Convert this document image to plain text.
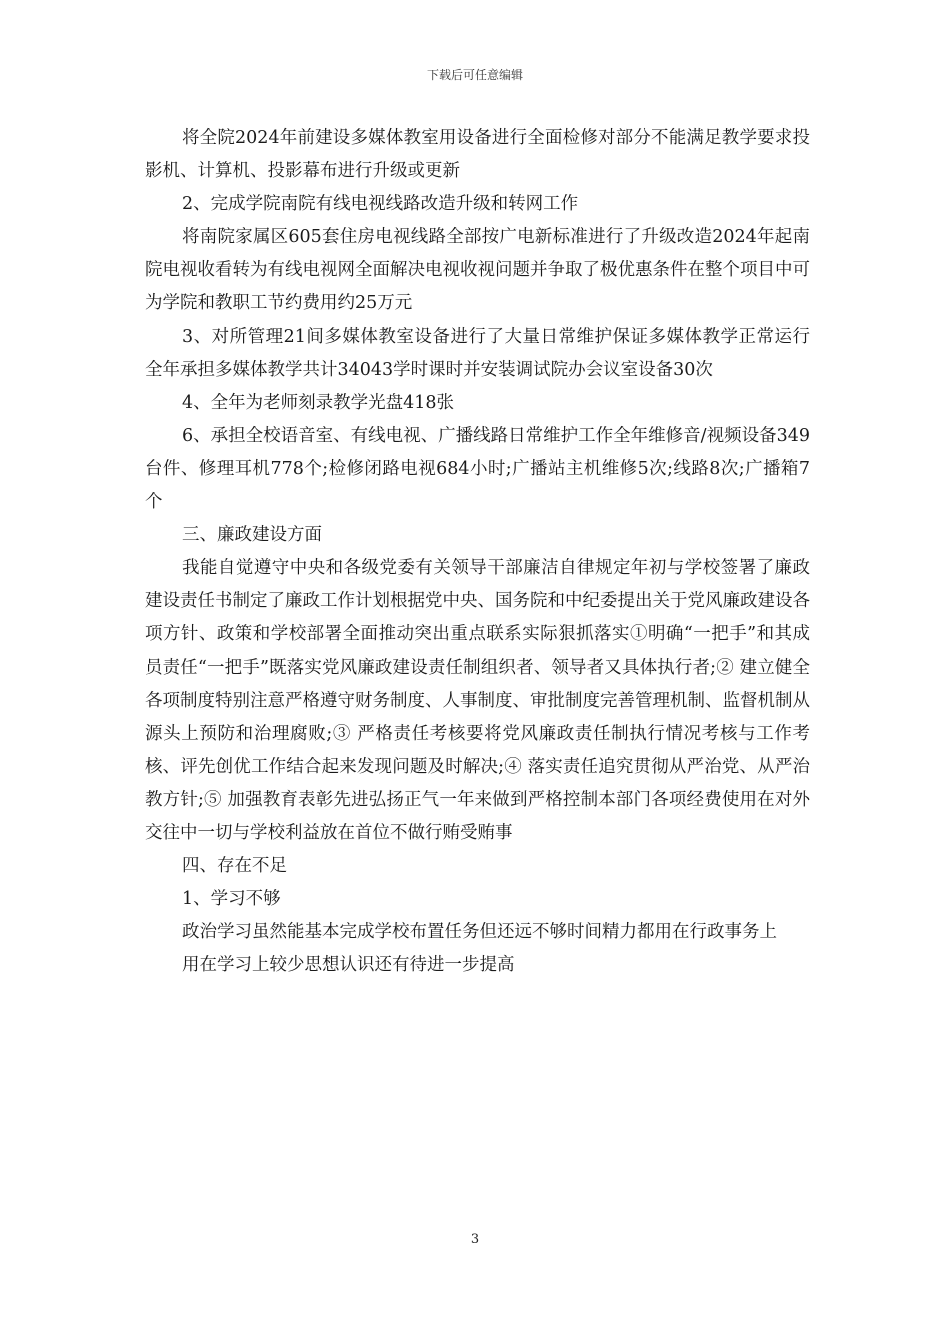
下载后可任意编辑

将全院2024年前建设多媒体教室用设备进行全面检修对部分不能满足教学要求投影机、计算机、投影幕布进行升级或更新

2、完成学院南院有线电视线路改造升级和转网工作

将南院家属区605套住房电视线路全部按广电新标准进行了升级改造2024年起南院电视收看转为有线电视网全面解决电视收视问题并争取了极优惠条件在整个项目中可为学院和教职工节约费用约25万元

3、对所管理21间多媒体教室设备进行了大量日常维护保证多媒体教学正常运行全年承担多媒体教学共计34043学时课时并安装调试院办会议室设备30次

4、全年为老师刻录教学光盘418张

6、承担全校语音室、有线电视、广播线路日常维护工作全年维修音/视频设备349台件、修理耳机778个;检修闭路电视684小时;广播站主机维修5次;线路8次;广播箱7个

三、廉政建设方面

我能自觉遵守中央和各级党委有关领导干部廉洁自律规定年初与学校签署了廉政建设责任书制定了廉政工作计划根据党中央、国务院和中纪委提出关于党风廉政建设各项方针、政策和学校部署全面推动突出重点联系实际狠抓落实①明确“一把手”和其成员责任“一把手”既落实党风廉政建设责任制组织者、领导者又具体执行者;② 建立健全各项制度特别注意严格遵守财务制度、人事制度、审批制度完善管理机制、监督机制从源头上预防和治理腐败;③ 严格责任考核要将党风廉政责任制执行情况考核与工作考核、评先创优工作结合起来发现问题及时解决;④ 落实责任追究贯彻从严治党、从严治教方针;⑤ 加强教育表彰先进弘扬正气一年来做到严格控制本部门各项经费使用在对外交往中一切与学校利益放在首位不做行贿受贿事

四、存在不足

1、学习不够

政治学习虽然能基本完成学校布置任务但还远不够时间精力都用在行政事务上

用在学习上较少思想认识还有待进一步提高

3
